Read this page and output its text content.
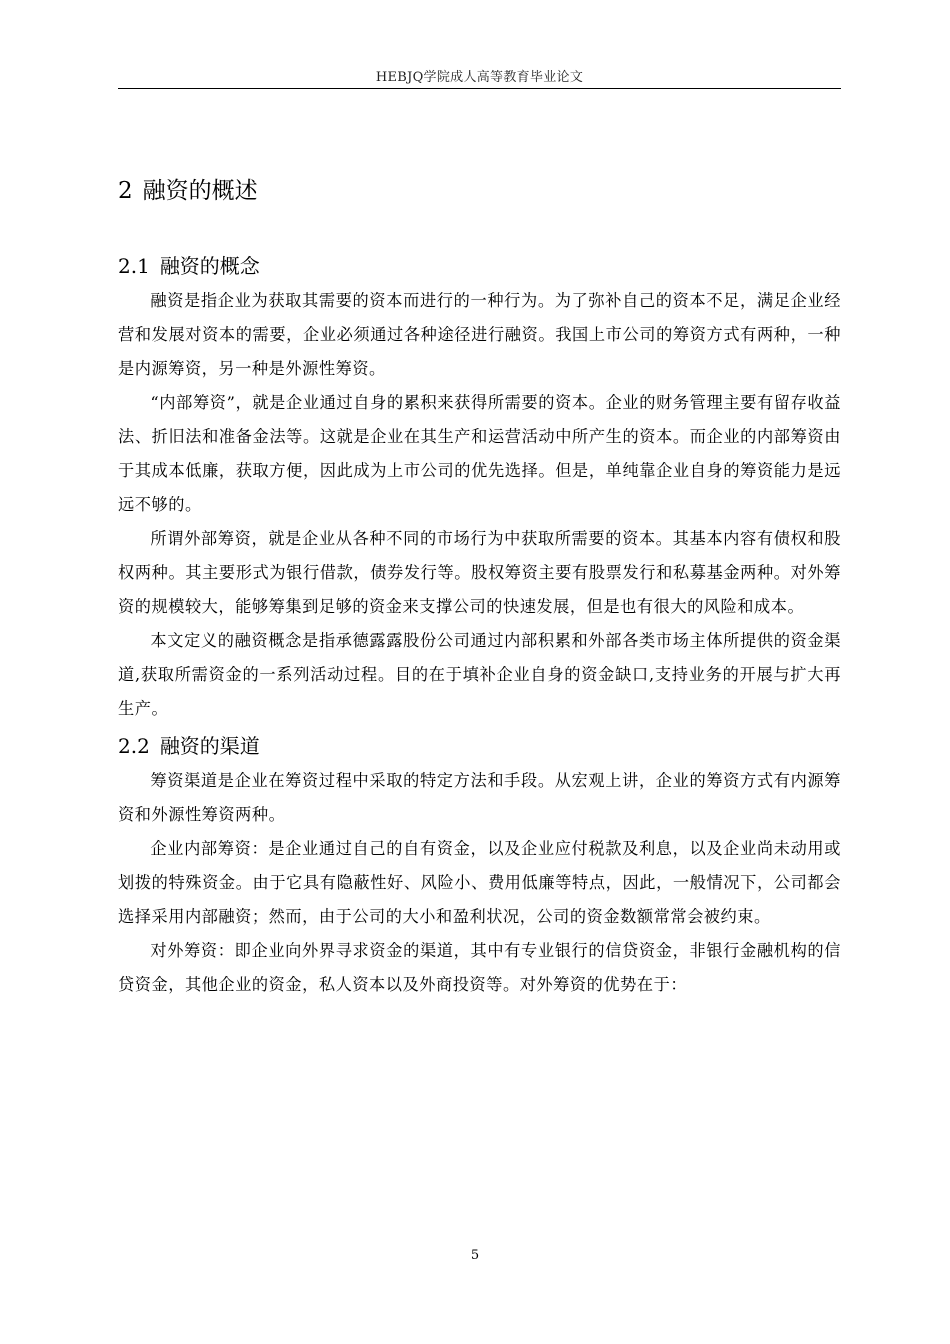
HEBJQ学院成人高等教育毕业论文
2 融资的概述
2.1 融资的概念

融资是指企业为获取其需要的资本而进行的一种行为。为了弥补自己的资本不足，满足企业经营和发展对资本的需要，企业必须通过各种途径进行融资。我国上市公司的筹资方式有两种，一种是内源筹资，另一种是外源性筹资。

“内部筹资”，就是企业通过自身的累积来获得所需要的资本。企业的财务管理主要有留存收益法、折旧法和准备金法等。这就是企业在其生产和运营活动中所产生的资本。而企业的内部筹资由于其成本低廉，获取方便，因此成为上市公司的优先选择。但是，单纯靠企业自身的筹资能力是远远不够的。

所谓外部筹资，就是企业从各种不同的市场行为中获取所需要的资本。其基本内容有债权和股权两种。其主要形式为银行借款，债券发行等。股权筹资主要有股票发行和私募基金两种。对外筹资的规模较大，能够筹集到足够的资金来支撑公司的快速发展，但是也有很大的风险和成本。

本文定义的融资概念是指承德露露股份公司通过内部积累和外部各类市场主体所提供的资金渠道,获取所需资金的一系列活动过程。目的在于填补企业自身的资金缺口,支持业务的开展与扩大再生产。

2.2 融资的渠道

筹资渠道是企业在筹资过程中采取的特定方法和手段。从宏观上讲，企业的筹资方式有内源筹资和外源性筹资两种。

企业内部筹资：是企业通过自己的自有资金，以及企业应付税款及利息，以及企业尚未动用或划拨的特殊资金。由于它具有隐蔽性好、风险小、费用低廉等特点，因此，一般情况下，公司都会选择采用内部融资；然而，由于公司的大小和盈利状况，公司的资金数额常常会被约束。

对外筹资：即企业向外界寻求资金的渠道，其中有专业银行的信贷资金，非银行金融机构的信贷资金，其他企业的资金，私人资本以及外商投资等。对外筹资的优势在于：

5
